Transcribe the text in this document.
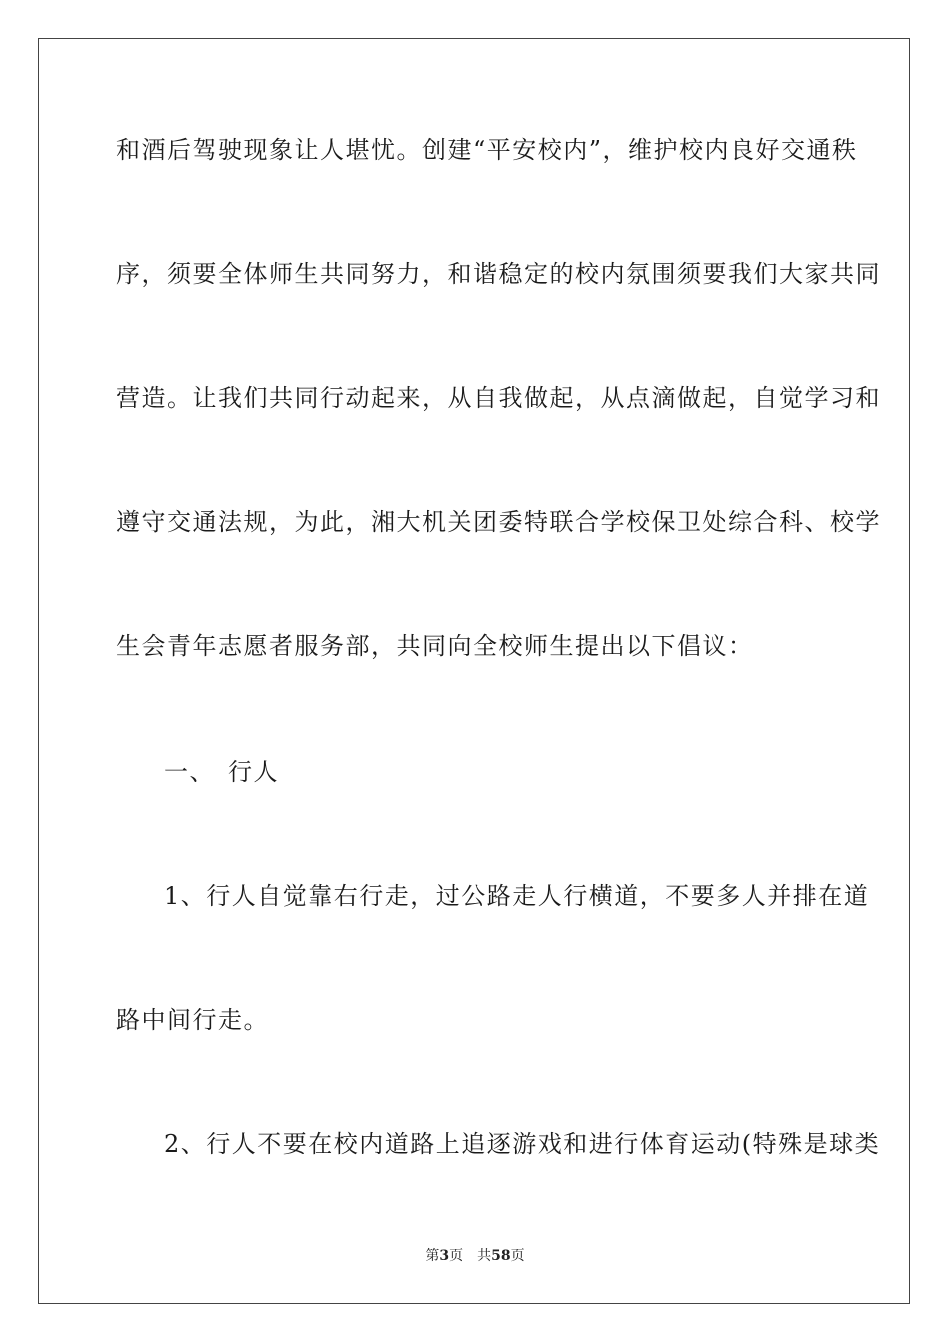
和酒后驾驶现象让人堪忧。创建“平安校内”，维护校内良好交通秩
序，须要全体师生共同努力，和谐稳定的校内氛围须要我们大家共同
营造。让我们共同行动起来，从自我做起，从点滴做起，自觉学习和
遵守交通法规，为此，湘大机关团委特联合学校保卫处综合科、校学
生会青年志愿者服务部，共同向全校师生提出以下倡议：
一、 行人
1、行人自觉靠右行走，过公路走人行横道，不要多人并排在道
路中间行走。
2、行人不要在校内道路上追逐游戏和进行体育运动(特殊是球类
第3页 共58页
